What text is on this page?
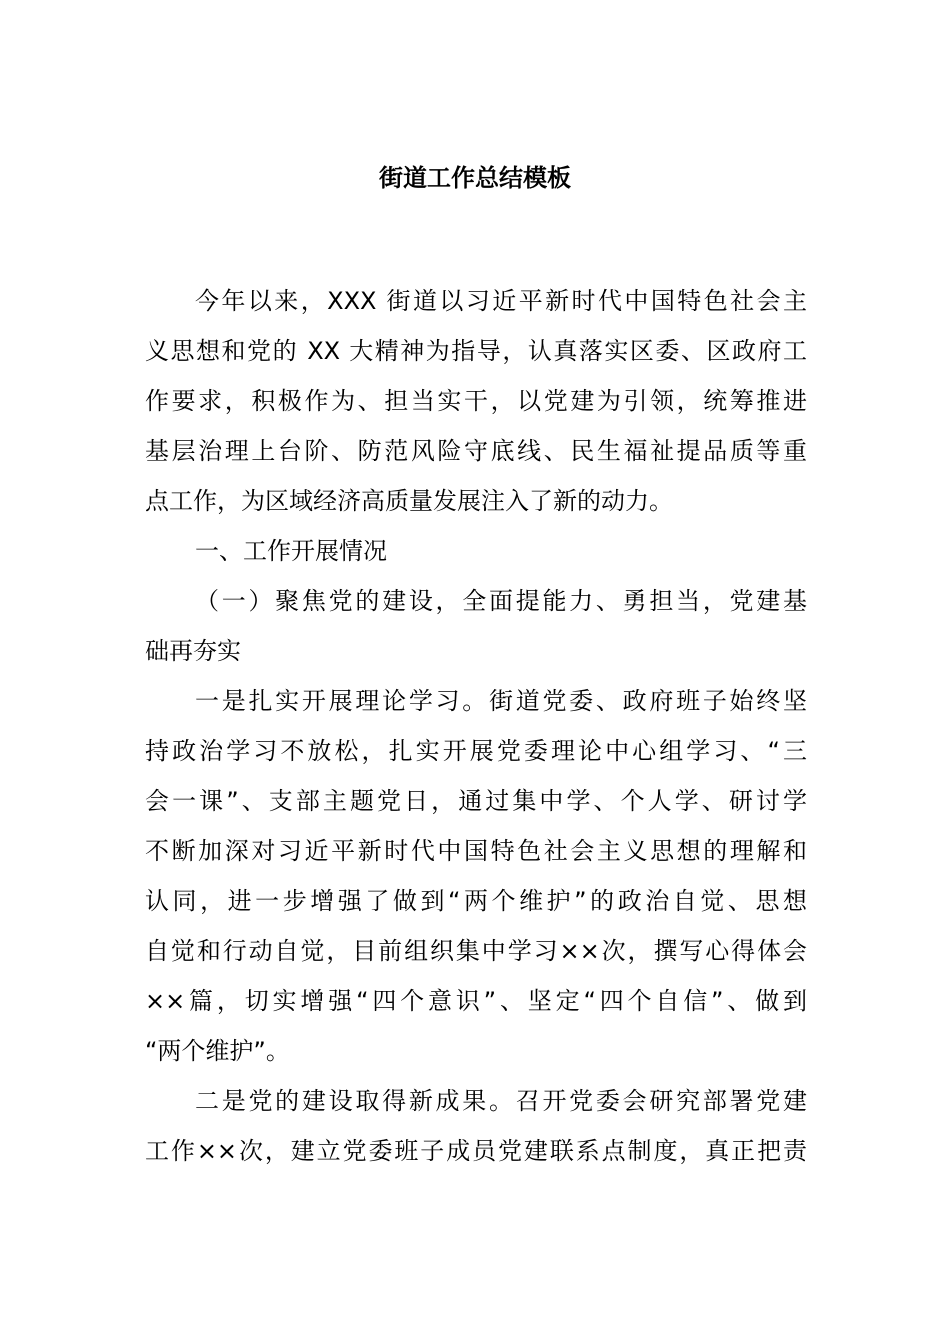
街道工作总结模板
今年以来，XXX 街道以习近平新时代中国特色社会主
义思想和党的 XX 大精神为指导，认真落实区委、区政府工
作要求，积极作为、担当实干，以党建为引领，统筹推进
基层治理上台阶、防范风险守底线、民生福祉提品质等重
点工作，为区域经济高质量发展注入了新的动力。
一、工作开展情况
（一）聚焦党的建设，全面提能力、勇担当，党建基
础再夯实
一是扎实开展理论学习。街道党委、政府班子始终坚
持政治学习不放松，扎实开展党委理论中心组学习、“三
会一课”、支部主题党日，通过集中学、个人学、研讨学
不断加深对习近平新时代中国特色社会主义思想的理解和
认同，进一步增强了做到“两个维护”的政治自觉、思想
自觉和行动自觉，目前组织集中学习××次，撰写心得体会
××篇，切实增强“四个意识”、坚定“四个自信”、做到
“两个维护”。
二是党的建设取得新成果。召开党委会研究部署党建
工作××次，建立党委班子成员党建联系点制度，真正把责
